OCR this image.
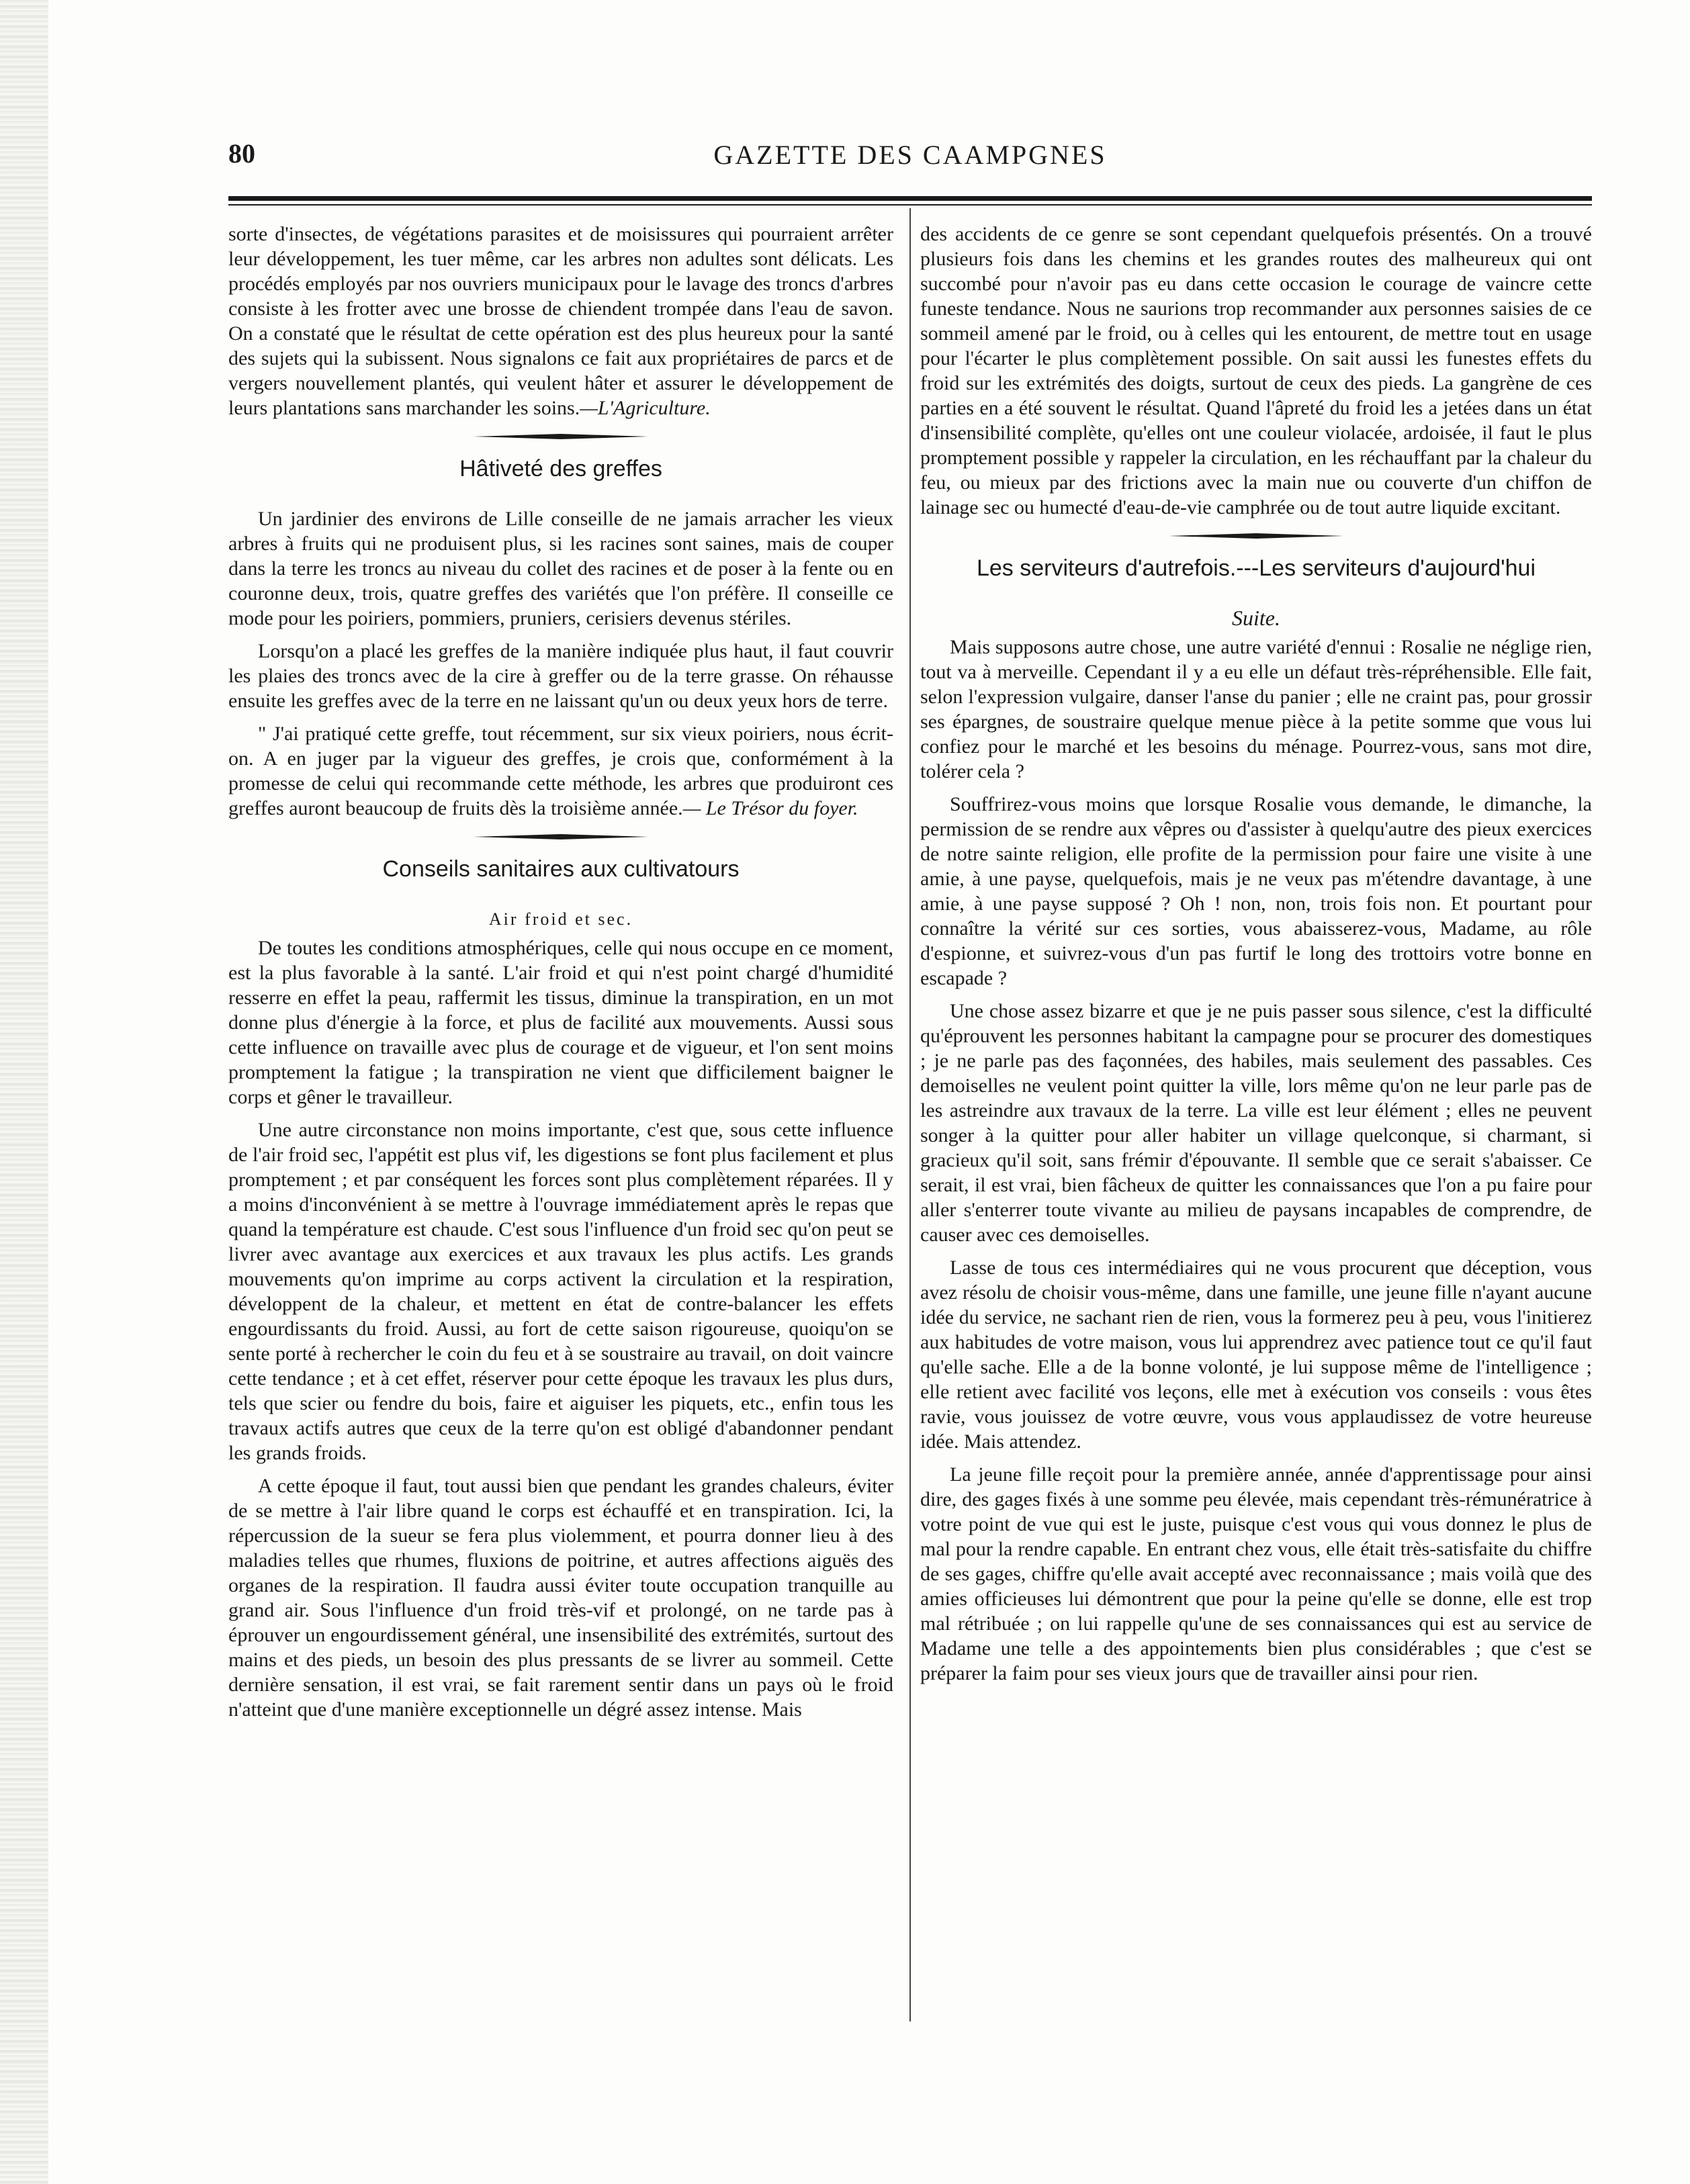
80	GAZETTE DES CAAMPGNES

sorte d'insectes, de végétations parasites et de moisissures qui pourraient arrêter leur développement, les tuer même, car les arbres non adultes sont délicats. Les procédés employés par nos ouvriers municipaux pour le lavage des troncs d'arbres consiste à les frotter avec une brosse de chiendent trompée dans l'eau de savon. On a constaté que le résultat de cette opération est des plus heureux pour la santé des sujets qui la subissent. Nous signalons ce fait aux propriétaires de parcs et de vergers nouvellement plantés, qui veulent hâter et assurer le développement de leurs plantations sans marchander les soins.—L'Agriculture.

Hâtiveté des greffes

Un jardinier des environs de Lille conseille de ne jamais arracher les vieux arbres à fruits qui ne produisent plus, si les racines sont saines, mais de couper dans la terre les troncs au niveau du collet des racines et de poser à la fente ou en couronne deux, trois, quatre greffes des variétés que l'on préfère. Il conseille ce mode pour les poiriers, pommiers, pruniers, cerisiers devenus stériles.

Lorsqu'on a placé les greffes de la manière indiquée plus haut, il faut couvrir les plaies des troncs avec de la cire à greffer ou de la terre grasse. On réhausse ensuite les greffes avec de la terre en ne laissant qu'un ou deux yeux hors de terre.

" J'ai pratiqué cette greffe, tout récemment, sur six vieux poiriers, nous écrit-on. A en juger par la vigueur des greffes, je crois que, conformément à la promesse de celui qui recommande cette méthode, les arbres que produiront ces greffes auront beaucoup de fruits dès la troisième année.— Le Trésor du foyer.

Conseils sanitaires aux cultivatours

Air froid et sec.

De toutes les conditions atmosphériques, celle qui nous occupe en ce moment, est la plus favorable à la santé. L'air froid et qui n'est point chargé d'humidité resserre en effet la peau, raffermit les tissus, diminue la transpiration, en un mot donne plus d'énergie à la force, et plus de facilité aux mouvements. Aussi sous cette influence on travaille avec plus de courage et de vigueur, et l'on sent moins promptement la fatigue ; la transpiration ne vient que difficilement baigner le corps et gêner le travailleur.

Une autre circonstance non moins importante, c'est que, sous cette influence de l'air froid sec, l'appétit est plus vif, les digestions se font plus facilement et plus promptement ; et par conséquent les forces sont plus complètement réparées. Il y a moins d'inconvénient à se mettre à l'ouvrage immédiatement après le repas que quand la température est chaude. C'est sous l'influence d'un froid sec qu'on peut se livrer avec avantage aux exercices et aux travaux les plus actifs. Les grands mouvements qu'on imprime au corps activent la circulation et la respiration, développent de la chaleur, et mettent en état de contre-balancer les effets engourdissants du froid. Aussi, au fort de cette saison rigoureuse, quoiqu'on se sente porté à rechercher le coin du feu et à se soustraire au travail, on doit vaincre cette tendance ; et à cet effet, réserver pour cette époque les travaux les plus durs, tels que scier ou fendre du bois, faire et aiguiser les piquets, etc., enfin tous les travaux actifs autres que ceux de la terre qu'on est obligé d'abandonner pendant les grands froids.

A cette époque il faut, tout aussi bien que pendant les grandes chaleurs, éviter de se mettre à l'air libre quand le corps est échauffé et en transpiration. Ici, la répercussion de la sueur se fera plus violemment, et pourra donner lieu à des maladies telles que rhumes, fluxions de poitrine, et autres affections aiguës des organes de la respiration. Il faudra aussi éviter toute occupation tranquille au grand air. Sous l'influence d'un froid très-vif et prolongé, on ne tarde pas à éprouver un engourdissement général, une insensibilité des extrémités, surtout des mains et des pieds, un besoin des plus pressants de se livrer au sommeil. Cette dernière sensation, il est vrai, se fait rarement sentir dans un pays où le froid n'atteint que d'une manière exceptionnelle un dégré assez intense. Mais

des accidents de ce genre se sont cependant quelquefois présentés. On a trouvé plusieurs fois dans les chemins et les grandes routes des malheureux qui ont succombé pour n'avoir pas eu dans cette occasion le courage de vaincre cette funeste tendance. Nous ne saurions trop recommander aux personnes saisies de ce sommeil amené par le froid, ou à celles qui les entourent, de mettre tout en usage pour l'écarter le plus complètement possible. On sait aussi les funestes effets du froid sur les extrémités des doigts, surtout de ceux des pieds. La gangrène de ces parties en a été souvent le résultat. Quand l'âpreté du froid les a jetées dans un état d'insensibilité complète, qu'elles ont une couleur violacée, ardoisée, il faut le plus promptement possible y rappeler la circulation, en les réchauffant par la chaleur du feu, ou mieux par des frictions avec la main nue ou couverte d'un chiffon de lainage sec ou humecté d'eau-de-vie camphrée ou de tout autre liquide excitant.

Les serviteurs d'autrefois.---Les serviteurs d'aujourd'hui

Suite.

Mais supposons autre chose, une autre variété d'ennui : Rosalie ne néglige rien, tout va à merveille. Cependant il y a eu elle un défaut très-répréhensible. Elle fait, selon l'expression vulgaire, danser l'anse du panier ; elle ne craint pas, pour grossir ses épargnes, de soustraire quelque menue pièce à la petite somme que vous lui confiez pour le marché et les besoins du ménage. Pourrez-vous, sans mot dire, tolérer cela ?

Souffrirez-vous moins que lorsque Rosalie vous demande, le dimanche, la permission de se rendre aux vêpres ou d'assister à quelqu'autre des pieux exercices de notre sainte religion, elle profite de la permission pour faire une visite à une amie, à une payse, quelquefois, mais je ne veux pas m'étendre davantage, à une amie, à une payse supposé ? Oh ! non, non, trois fois non. Et pourtant pour connaître la vérité sur ces sorties, vous abaisserez-vous, Madame, au rôle d'espionne, et suivrez-vous d'un pas furtif le long des trottoirs votre bonne en escapade ?

Une chose assez bizarre et que je ne puis passer sous silence, c'est la difficulté qu'éprouvent les personnes habitant la campagne pour se procurer des domestiques ; je ne parle pas des façonnées, des habiles, mais seulement des passables. Ces demoiselles ne veulent point quitter la ville, lors même qu'on ne leur parle pas de les astreindre aux travaux de la terre. La ville est leur élément ; elles ne peuvent songer à la quitter pour aller habiter un village quelconque, si charmant, si gracieux qu'il soit, sans frémir d'épouvante. Il semble que ce serait s'abaisser. Ce serait, il est vrai, bien fâcheux de quitter les connaissances que l'on a pu faire pour aller s'enterrer toute vivante au milieu de paysans incapables de comprendre, de causer avec ces demoiselles.

Lasse de tous ces intermédiaires qui ne vous procurent que déception, vous avez résolu de choisir vous-même, dans une famille, une jeune fille n'ayant aucune idée du service, ne sachant rien de rien, vous la formerez peu à peu, vous l'initierez aux habitudes de votre maison, vous lui apprendrez avec patience tout ce qu'il faut qu'elle sache. Elle a de la bonne volonté, je lui suppose même de l'intelligence ; elle retient avec facilité vos leçons, elle met à exécution vos conseils : vous êtes ravie, vous jouissez de votre œuvre, vous vous applaudissez de votre heureuse idée. Mais attendez.

La jeune fille reçoit pour la première année, année d'apprentissage pour ainsi dire, des gages fixés à une somme peu élevée, mais cependant très-rémunératrice à votre point de vue qui est le juste, puisque c'est vous qui vous donnez le plus de mal pour la rendre capable. En entrant chez vous, elle était très-satisfaite du chiffre de ses gages, chiffre qu'elle avait accepté avec reconnaissance ; mais voilà que des amies officieuses lui démontrent que pour la peine qu'elle se donne, elle est trop mal rétribuée ; on lui rappelle qu'une de ses connaissances qui est au service de Madame une telle a des appointements bien plus considérables ; que c'est se préparer la faim pour ses vieux jours que de travailler ainsi pour rien.
